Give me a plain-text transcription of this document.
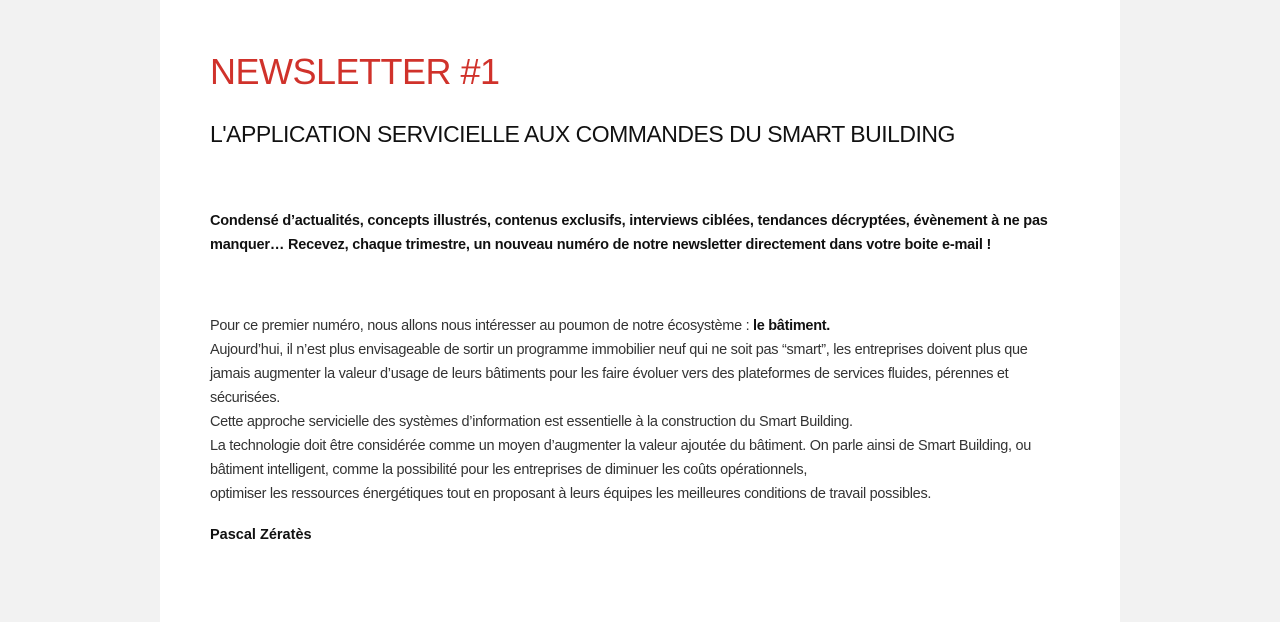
NEWSLETTER #1
L'APPLICATION SERVICIELLE AUX COMMANDES DU SMART BUILDING

Condensé d’actualités, concepts illustrés, contenus exclusifs, interviews ciblées, tendances décryptées, évènement à ne pas manquer… Recevez, chaque trimestre, un nouveau numéro de notre newsletter directement dans votre boite e-mail !

Pour ce premier numéro, nous allons nous intéresser au poumon de notre écosystème : le bâtiment.
Aujourd’hui, il n’est plus envisageable de sortir un programme immobilier neuf qui ne soit pas “smart”, les entreprises doivent plus que jamais augmenter la valeur d’usage de leurs bâtiments pour les faire évoluer vers des plateformes de services fluides, pérennes et sécurisées.
Cette approche servicielle des systèmes d’information est essentielle à la construction du Smart Building.
La technologie doit être considérée comme un moyen d’augmenter la valeur ajoutée du bâtiment. On parle ainsi de Smart Building, ou bâtiment intelligent, comme la possibilité pour les entreprises de diminuer les coûts opérationnels,
optimiser les ressources énergétiques tout en proposant à leurs équipes les meilleures conditions de travail possibles.

Pascal Zératès
